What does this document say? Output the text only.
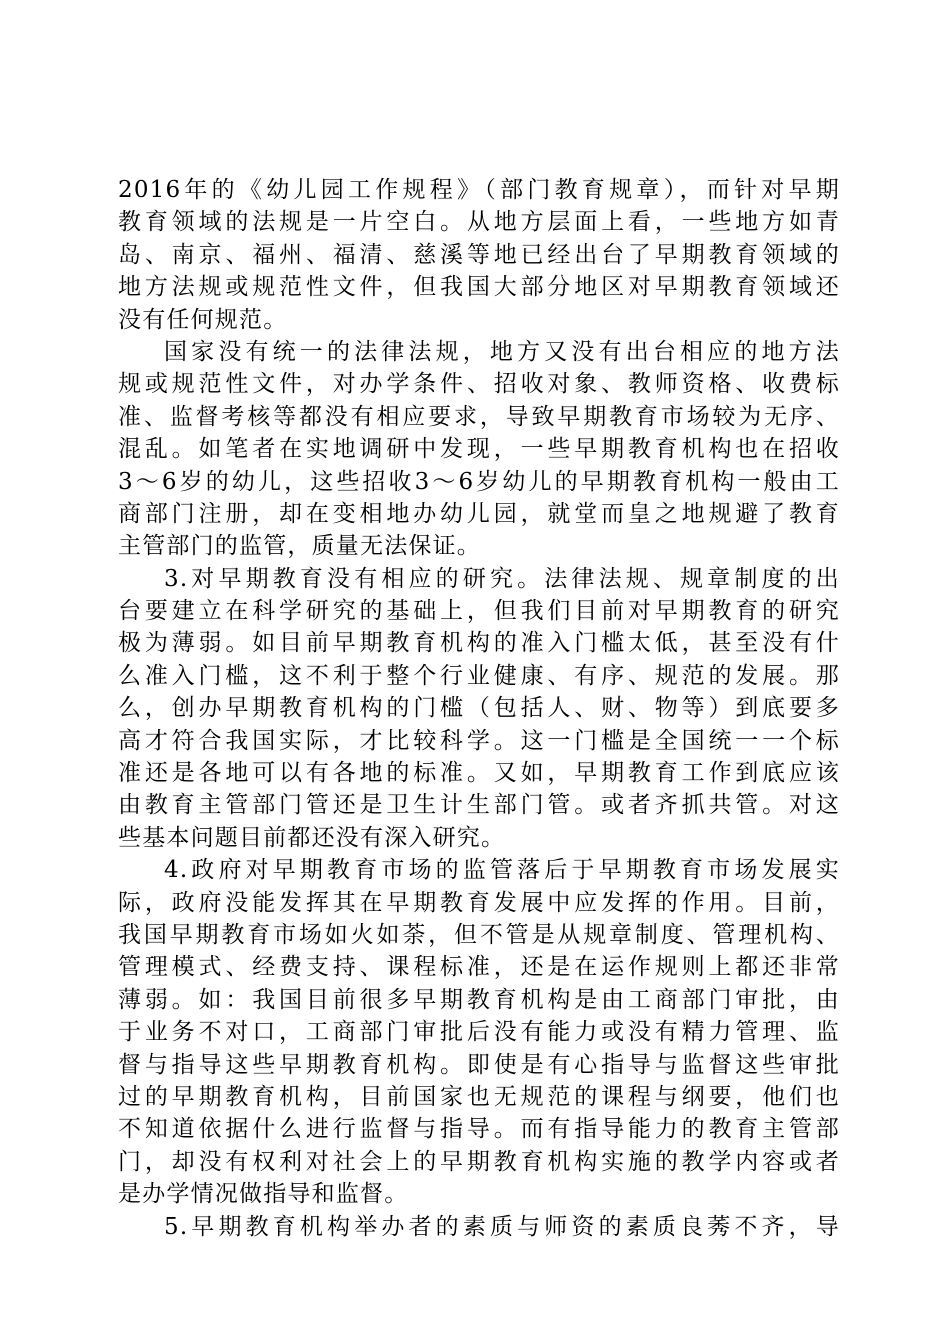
2016年的《幼儿园工作规程》（部门教育规章），而针对早期
教育领域的法规是一片空白。从地方层面上看，一些地方如青
岛、南京、福州、福清、慈溪等地已经出台了早期教育领域的
地方法规或规范性文件，但我国大部分地区对早期教育领域还
没有任何规范。
国家没有统一的法律法规，地方又没有出台相应的地方法
规或规范性文件，对办学条件、招收对象、教师资格、收费标
准、监督考核等都没有相应要求，导致早期教育市场较为无序、
混乱。如笔者在实地调研中发现，一些早期教育机构也在招收
3～6岁的幼儿，这些招收3～6岁幼儿的早期教育机构一般由工
商部门注册，却在变相地办幼儿园，就堂而皇之地规避了教育
主管部门的监管，质量无法保证。
3.对早期教育没有相应的研究。法律法规、规章制度的出
台要建立在科学研究的基础上，但我们目前对早期教育的研究
极为薄弱。如目前早期教育机构的准入门槛太低，甚至没有什
么准入门槛，这不利于整个行业健康、有序、规范的发展。那
么，创办早期教育机构的门槛（包括人、财、物等）到底要多
高才符合我国实际，才比较科学。这一门槛是全国统一一个标
准还是各地可以有各地的标准。又如，早期教育工作到底应该
由教育主管部门管还是卫生计生部门管。或者齐抓共管。对这
些基本问题目前都还没有深入研究。
4.政府对早期教育市场的监管落后于早期教育市场发展实
际，政府没能发挥其在早期教育发展中应发挥的作用。目前，
我国早期教育市场如火如荼，但不管是从规章制度、管理机构、
管理模式、经费支持、课程标准，还是在运作规则上都还非常
薄弱。如：我国目前很多早期教育机构是由工商部门审批，由
于业务不对口，工商部门审批后没有能力或没有精力管理、监
督与指导这些早期教育机构。即使是有心指导与监督这些审批
过的早期教育机构，目前国家也无规范的课程与纲要，他们也
不知道依据什么进行监督与指导。而有指导能力的教育主管部
门，却没有权利对社会上的早期教育机构实施的教学内容或者
是办学情况做指导和监督。
5.早期教育机构举办者的素质与师资的素质良莠不齐，导
